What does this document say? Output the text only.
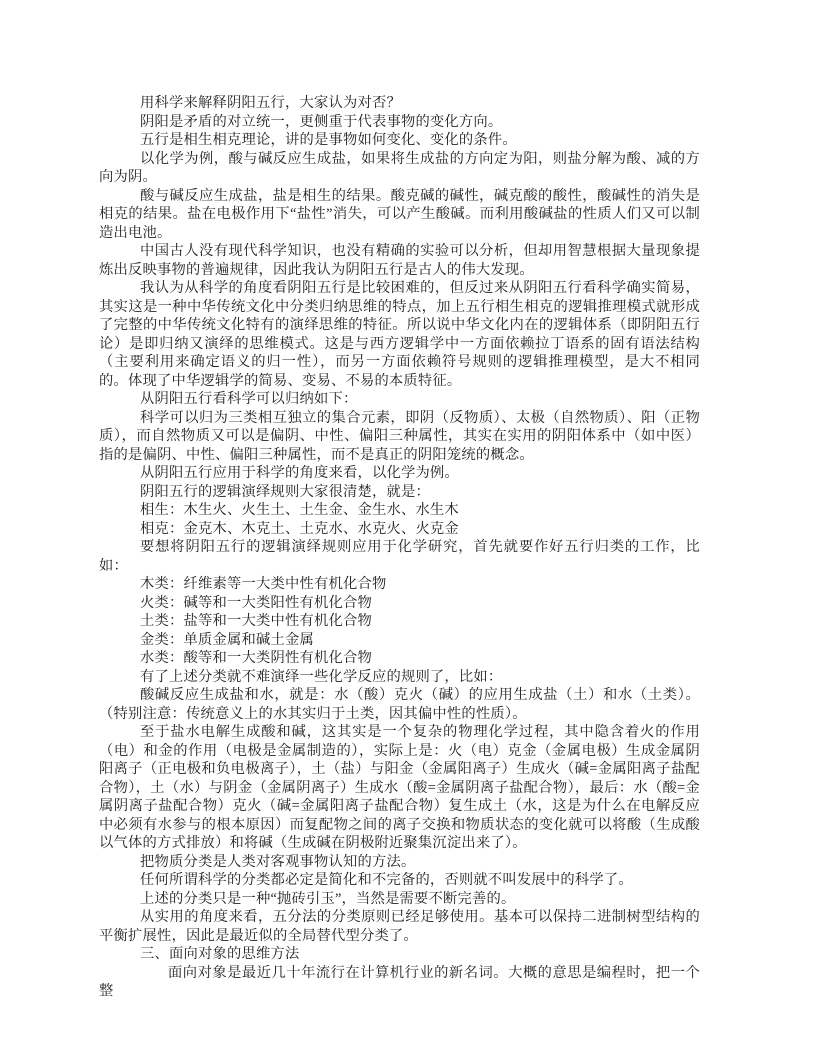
用科学来解释阴阳五行，大家认为对否？

阴阳是矛盾的对立统一，更侧重于代表事物的变化方向。

五行是相生相克理论，讲的是事物如何变化、变化的条件。

以化学为例，酸与碱反应生成盐，如果将生成盐的方向定为阳，则盐分解为酸、减的方向为阴。

酸与碱反应生成盐，盐是相生的结果。酸克碱的碱性，碱克酸的酸性，酸碱性的消失是相克的结果。盐在电极作用下“盐性”消失，可以产生酸碱。而利用酸碱盐的性质人们又可以制造出电池。

中国古人没有现代科学知识，也没有精确的实验可以分析，但却用智慧根据大量现象提炼出反映事物的普遍规律，因此我认为阴阳五行是古人的伟大发现。

我认为从科学的角度看阴阳五行是比较困难的，但反过来从阴阳五行看科学确实简易，其实这是一种中华传统文化中分类归纳思维的特点，加上五行相生相克的逻辑推理模式就形成了完整的中华传统文化特有的演绎思维的特征。所以说中华文化内在的逻辑体系（即阴阳五行论）是即归纳又演绎的思维模式。这是与西方逻辑学中一方面依赖拉丁语系的固有语法结构（主要利用来确定语义的归一性），而另一方面依赖符号规则的逻辑推理模型，是大不相同的。体现了中华逻辑学的简易、变易、不易的本质特征。

从阴阳五行看科学可以归纳如下：

科学可以归为三类相互独立的集合元素，即阴（反物质）、太极（自然物质）、阳（正物质），而自然物质又可以是偏阴、中性、偏阳三种属性，其实在实用的阴阳体系中（如中医）指的是偏阴、中性、偏阳三种属性，而不是真正的阴阳笼统的概念。

从阴阳五行应用于科学的角度来看，以化学为例。

阴阳五行的逻辑演绎规则大家很清楚，就是：

相生：木生火、火生土、土生金、金生水、水生木

相克：金克木、木克土、土克水、水克火、火克金

要想将阴阳五行的逻辑演绎规则应用于化学研究，首先就要作好五行归类的工作，比如：

木类：纤维素等一大类中性有机化合物

火类：碱等和一大类阳性有机化合物

土类：盐等和一大类中性有机化合物

金类：单质金属和碱土金属

水类：酸等和一大类阴性有机化合物

有了上述分类就不难演绎一些化学反应的规则了，比如：

酸碱反应生成盐和水，就是：水（酸）克火（碱）的应用生成盐（土）和水（土类）。（特别注意：传统意义上的水其实归于土类，因其偏中性的性质）。

至于盐水电解生成酸和碱，这其实是一个复杂的物理化学过程，其中隐含着火的作用（电）和金的作用（电极是金属制造的），实际上是：火（电）克金（金属电极）生成金属阴阳离子（正电极和负电极离子），土（盐）与阳金（金属阳离子）生成火（碱=金属阳离子盐配合物），土（水）与阴金（金属阴离子）生成水（酸=金属阴离子盐配合物），最后：水（酸=金属阴离子盐配合物）克火（碱=金属阳离子盐配合物）复生成土（水，这是为什么在电解反应中必须有水参与的根本原因）而复配物之间的离子交换和物质状态的变化就可以将酸（生成酸以气体的方式排放）和将碱（生成碱在阴极附近聚集沉淀出来了）。

把物质分类是人类对客观事物认知的方法。

任何所谓科学的分类都必定是简化和不完备的，否则就不叫发展中的科学了。

上述的分类只是一种“抛砖引玉”，当然是需要不断完善的。

从实用的角度来看，五分法的分类原则已经足够使用。基本可以保持二进制树型结构的平衡扩展性，因此是最近似的全局替代型分类了。

三、面向对象的思维方法

面向对象是最近几十年流行在计算机行业的新名词。大概的意思是编程时，把一个整
